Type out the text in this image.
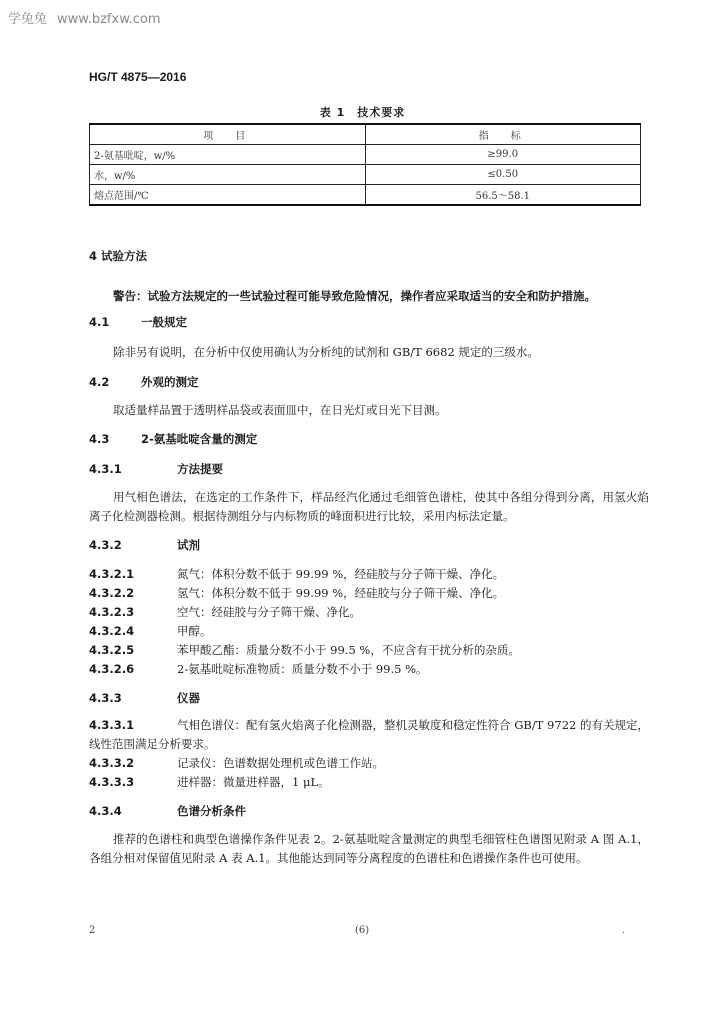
学兔兔 www.bzfxw.com
HG/T 4875—2016
表 1　技术要求
项　目	指　标
2-氨基吡啶，w/%	≥99.0
水，w/%	≤0.50
熔点范围/℃	56.5～58.1
4 试验方法
警告：试验方法规定的一些试验过程可能导致危险情况，操作者应采取适当的安全和防护措施。
4.1	一般规定
除非另有说明，在分析中仅使用确认为分析纯的试剂和 GB/T 6682 规定的三级水。
4.2	外观的测定
取适量样品置于透明样品袋或表面皿中，在日光灯或日光下目测。
4.3	2-氨基吡啶含量的测定
4.3.1	方法提要
用气相色谱法，在选定的工作条件下，样品经汽化通过毛细管色谱柱，使其中各组分得到分离，用氢火焰离子化检测器检测。根据待测组分与内标物质的峰面积进行比较，采用内标法定量。
4.3.2	试剂
4.3.2.1	氮气：体积分数不低于 99.99 %，经硅胶与分子筛干燥、净化。
4.3.2.2	氢气：体积分数不低于 99.99 %，经硅胶与分子筛干燥、净化。
4.3.2.3	空气：经硅胶与分子筛干燥、净化。
4.3.2.4	甲醇。
4.3.2.5	苯甲酸乙酯：质量分数不小于 99.5 %，不应含有干扰分析的杂质。
4.3.2.6	2-氨基吡啶标准物质：质量分数不小于 99.5 %。
4.3.3	仪器
4.3.3.1	气相色谱仪：配有氢火焰离子化检测器，整机灵敏度和稳定性符合 GB/T 9722 的有关规定，线性范围满足分析要求。
4.3.3.2	记录仪：色谱数据处理机或色谱工作站。
4.3.3.3	进样器：微量进样器，1 μL。
4.3.4	色谱分析条件
推荐的色谱柱和典型色谱操作条件见表 2。2-氨基吡啶含量测定的典型毛细管柱色谱图见附录 A 图 A.1，各组分相对保留值见附录 A 表 A.1。其他能达到同等分离程度的色谱柱和色谱操作条件也可使用。
2	(6)	.
